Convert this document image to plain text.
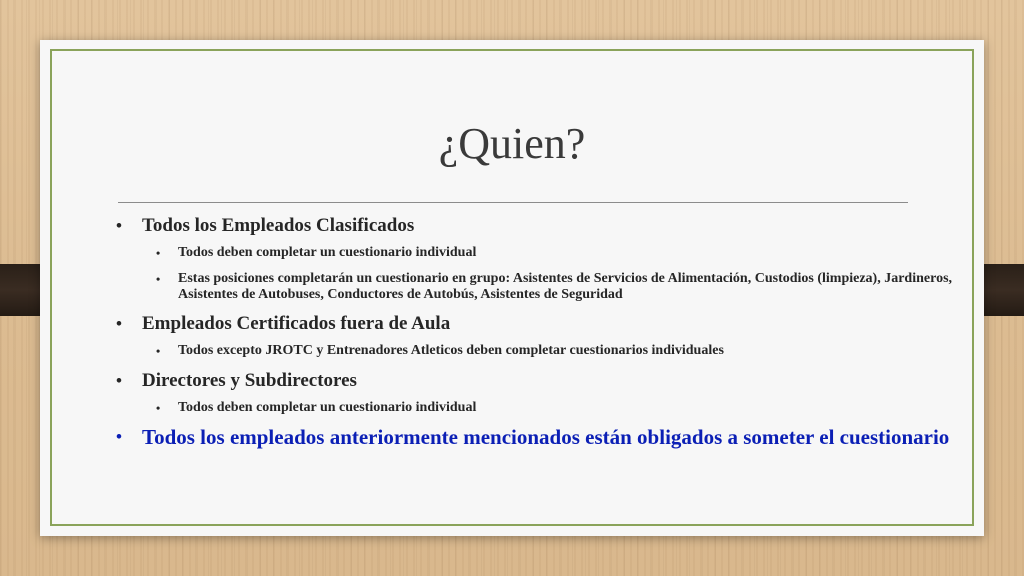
¿Quien?
• Todos los Empleados Clasificados
• Todos deben completar un cuestionario individual
• Estas posiciones completarán un cuestionario en grupo: Asistentes de Servicios de Alimentación, Custodios (limpieza), Jardineros, Asistentes de Autobuses, Conductores de Autobús, Asistentes de Seguridad
• Empleados Certificados fuera de Aula
• Todos excepto JROTC y Entrenadores Atleticos deben completar cuestionarios individuales
• Directores y Subdirectores
• Todos deben completar un cuestionario individual
• Todos los empleados anteriormente mencionados están obligados a someter el cuestionario
